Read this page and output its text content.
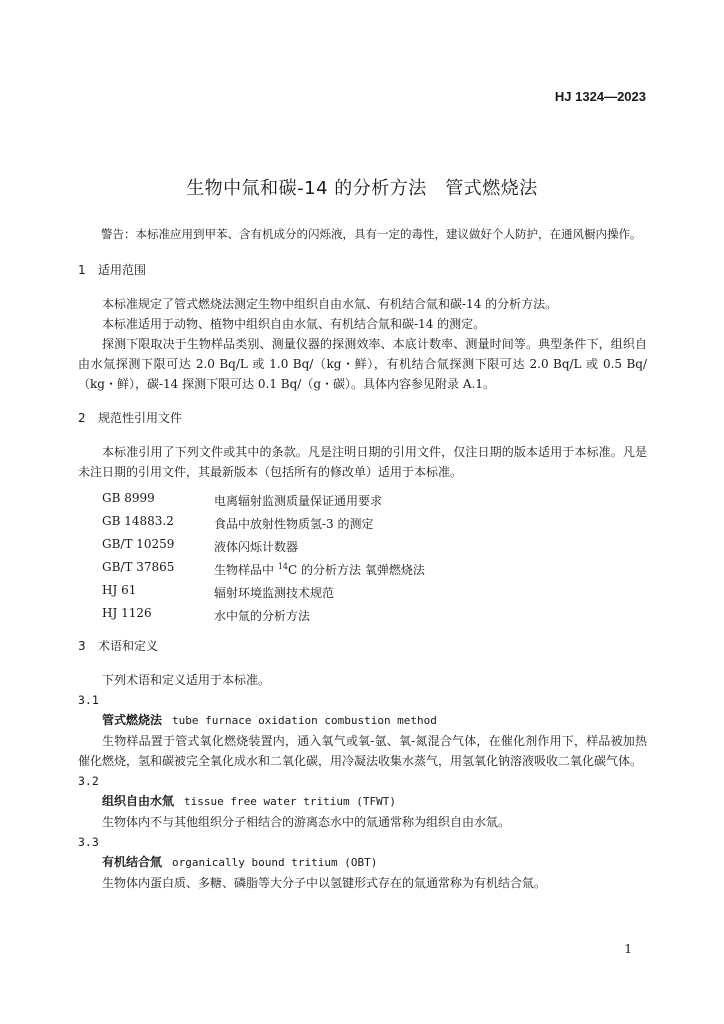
HJ 1324—2023
生物中氚和碳-14 的分析方法　管式燃烧法

警告：本标准应用到甲苯、含有机成分的闪烁液，具有一定的毒性，建议做好个人防护，在通风橱内操作。

1 适用范围

本标准规定了管式燃烧法测定生物中组织自由水氚、有机结合氚和碳-14 的分析方法。

本标准适用于动物、植物中组织自由水氚、有机结合氚和碳-14 的测定。

探测下限取决于生物样品类别、测量仪器的探测效率、本底计数率、测量时间等。典型条件下，组织自由水氚探测下限可达 2.0 Bq/L 或 1.0 Bq/（kg・鲜），有机结合氚探测下限可达 2.0 Bq/L 或 0.5 Bq/（kg・鲜），碳-14 探测下限可达 0.1 Bq/（g・碳）。具体内容参见附录 A.1。

2 规范性引用文件

本标准引用了下列文件或其中的条款。凡是注明日期的引用文件，仅注日期的版本适用于本标准。凡是未注日期的引用文件，其最新版本（包括所有的修改单）适用于本标准。

GB 8999	电离辐射监测质量保证通用要求
GB 14883.2	食品中放射性物质氢-3 的测定
GB/T 10259	液体闪烁计数器
GB/T 37865	生物样品中 $^{14}$C 的分析方法 氧弹燃烧法
HJ 61	辐射环境监测技术规范
HJ 1126	水中氚的分析方法

3 术语和定义

下列术语和定义适用于本标准。

3.1

管式燃烧法 tube furnace oxidation combustion method

生物样品置于管式氧化燃烧装置内，通入氧气或氧-氩、氧-氮混合气体，在催化剂作用下，样品被加热催化燃烧，氢和碳被完全氧化成水和二氧化碳，用冷凝法收集水蒸气，用氢氧化钠溶液吸收二氧化碳气体。

3.2

组织自由水氚 tissue free water tritium (TFWT)

生物体内不与其他组织分子相结合的游离态水中的氚通常称为组织自由水氚。

3.3

有机结合氚 organically bound tritium (OBT)

生物体内蛋白质、多糖、磷脂等大分子中以氢键形式存在的氚通常称为有机结合氚。

1
